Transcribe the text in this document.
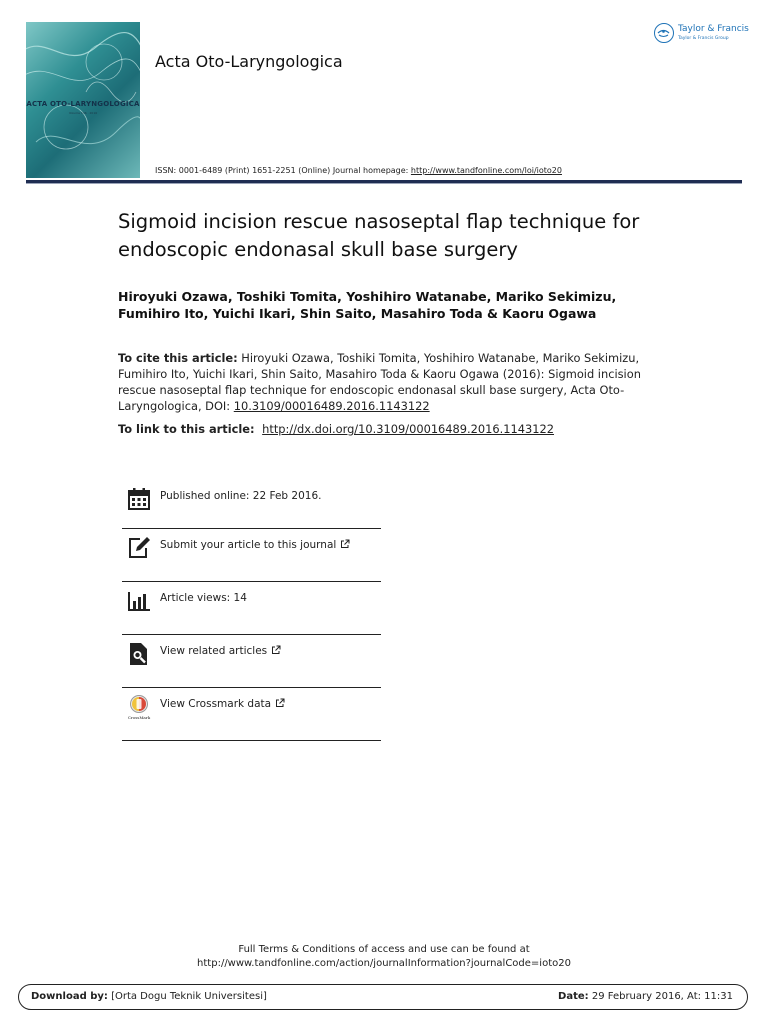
ACTA OTO-LARYNGOLOGICA
Volume 136 · 2016
Acta Oto-Laryngologica
Taylor & Francis
Taylor & Francis Group
ISSN: 0001-6489 (Print) 1651-2251 (Online) Journal homepage: http://www.tandfonline.com/loi/ioto20
Sigmoid incision rescue nasoseptal flap technique for endoscopic endonasal skull base surgery
Hiroyuki Ozawa, Toshiki Tomita, Yoshihiro Watanabe, Mariko Sekimizu, Fumihiro Ito, Yuichi Ikari, Shin Saito, Masahiro Toda & Kaoru Ogawa
To cite this article: Hiroyuki Ozawa, Toshiki Tomita, Yoshihiro Watanabe, Mariko Sekimizu, Fumihiro Ito, Yuichi Ikari, Shin Saito, Masahiro Toda & Kaoru Ogawa (2016): Sigmoid incision rescue nasoseptal flap technique for endoscopic endonasal skull base surgery, Acta Oto-Laryngologica, DOI: 10.3109/00016489.2016.1143122
To link to this article:  http://dx.doi.org/10.3109/00016489.2016.1143122
Published online: 22 Feb 2016.
Submit your article to this journal
Article views: 14
View related articles
CrossMark
View Crossmark data
Full Terms & Conditions of access and use can be found at
http://www.tandfonline.com/action/journalInformation?journalCode=ioto20
Download by: [Orta Dogu Teknik Universitesi]	Date: 29 February 2016, At: 11:31
